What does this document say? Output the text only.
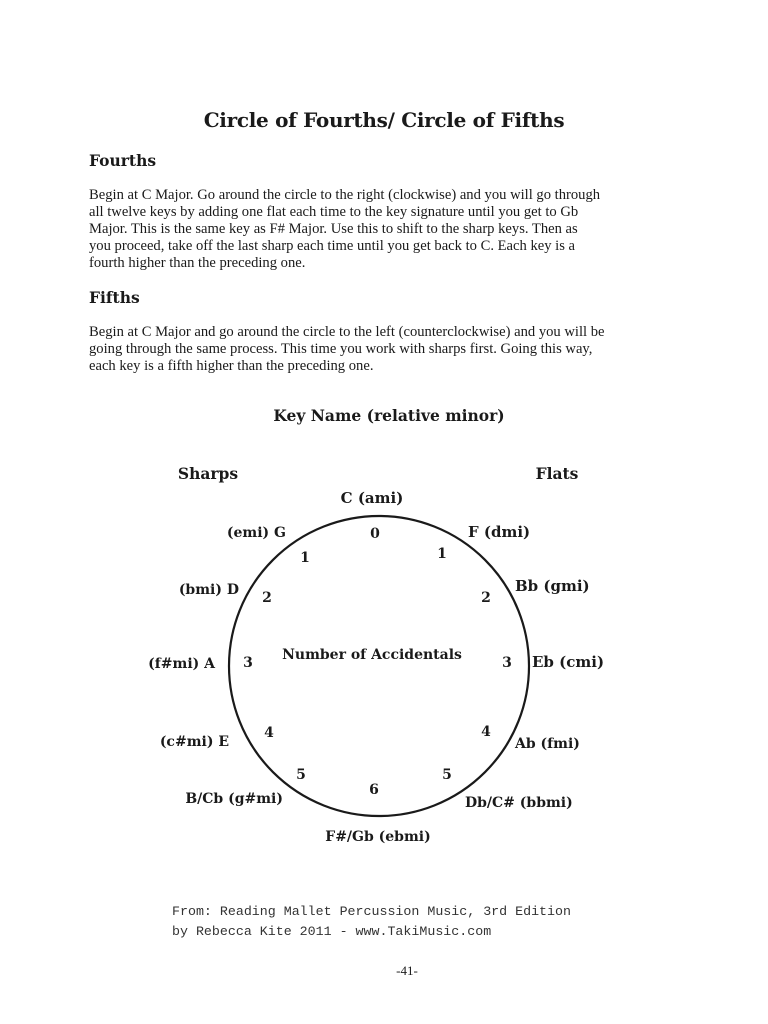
Circle of Fourths/ Circle of Fifths
Fourths
Begin at C Major. Go around the circle to the right (clockwise) and you will go through
all twelve keys by adding one flat each time to the key signature until you get to Gb
Major. This is the same key as F# Major. Use this to shift to the sharp keys. Then as
you proceed, take off the last sharp each time until you get back to C. Each key is a
fourth higher than the preceding one.
Fifths
Begin at C Major and go around the circle to the left (counterclockwise) and you will be
going through the same process. This time you work with sharps first. Going this way,
each key is a fifth higher than the preceding one.
Key Name (relative minor)
Sharps	Flats
Number of Accidentals
C (ami)
0
6
F#/Gb (ebmi)
F (dmi)
1
Bb (gmi)
2
Eb (cmi)
3
Ab (fmi)
4
Db/C# (bbmi)
5
(emi) G
1
(bmi) D 2
(f#mi) A 3
(c#mi) E
4
B/Cb (g#mi)
5
From: Reading Mallet Percussion Music, 3rd Edition
by Rebecca Kite 2011 - www.TakiMusic.com
-41-
